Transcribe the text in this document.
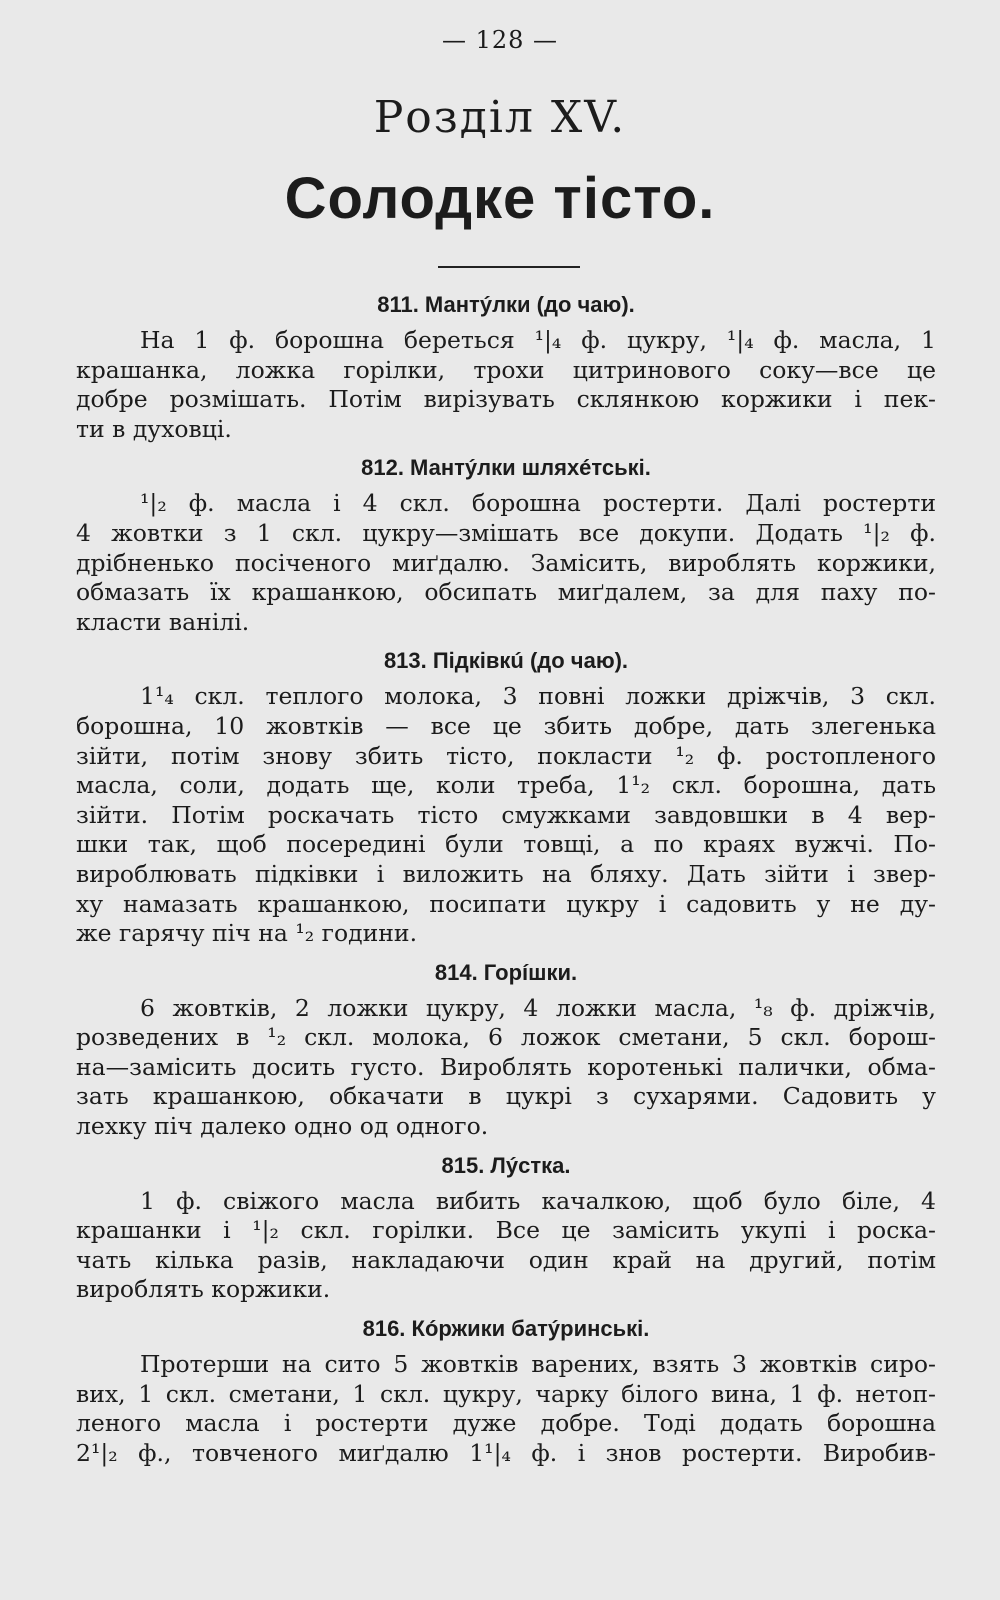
— 128 —
Розділ XV.
Солодке тісто.
811. Мантýлки (до чаю).
На 1 ф. борошна береться ¹|₄ ф. цукру, ¹|₄ ф. масла, 1
крашанка, ложка горілки, трохи цитринового соку—все це
добре розмішать. Потім вирізувать склянкою коржики і пек-
ти в духовці.
812. Мантýлки шляхéтські.
¹|₂ ф. масла і 4 скл. борошна ростерти. Далі ростерти
4 жовтки з 1 скл. цукру—змішать все докупи. Додать ¹|₂ ф.
дрібненько посіченого миґдалю. Замісить, вироблять коржики,
обмазать їх крашанкою, обсипать миґдалем, за для паху по-
класти ванілі.
813. Підківкú (до чаю).
1¹₄ скл. теплого молока, 3 повні ложки дріжчів, 3 скл.
борошна, 10 жовтків — все це збить добре, дать злегенька
зійти, потім знову збить тісто, покласти ¹₂ ф. ростопленого
масла, соли, додать ще, коли треба, 1¹₂ скл. борошна, дать
зійти. Потім роскачать тісто смужками завдовшки в 4 вер-
шки так, щоб посередині були товщі, а по краях вужчі. По-
вироблювать підківки і виложить на бляху. Дать зійти і звер-
ху намазать крашанкою, посипати цукру і садовить у не ду-
же гарячу піч на ¹₂ години.
814. Горíшки.
6 жовтків, 2 ложки цукру, 4 ложки масла, ¹₈ ф. дріжчів,
розведених в ¹₂ скл. молока, 6 ложок сметани, 5 скл. борош-
на—замісить досить густо. Вироблять коротенькі палички, обма-
зать крашанкою, обкачати в цукрі з сухарями. Садовить у
лехку піч далеко одно од одного.
815. Лýстка.
1 ф. свіжого масла вибить качалкою, щоб було біле, 4
крашанки і ¹|₂ скл. горілки. Все це замісить укупі і роска-
чать кілька разів, накладаючи один край на другий, потім
вироблять коржики.
816. Кóржики батýринські.
Протерши на сито 5 жовтків варених, взять 3 жовтків сиро-
вих, 1 скл. сметани, 1 скл. цукру, чарку білого вина, 1 ф. нетоп-
леного масла і ростерти дуже добре. Тоді додать борошна
2¹|₂ ф., товченого миґдалю 1¹|₄ ф. і знов ростерти. Виробив-
